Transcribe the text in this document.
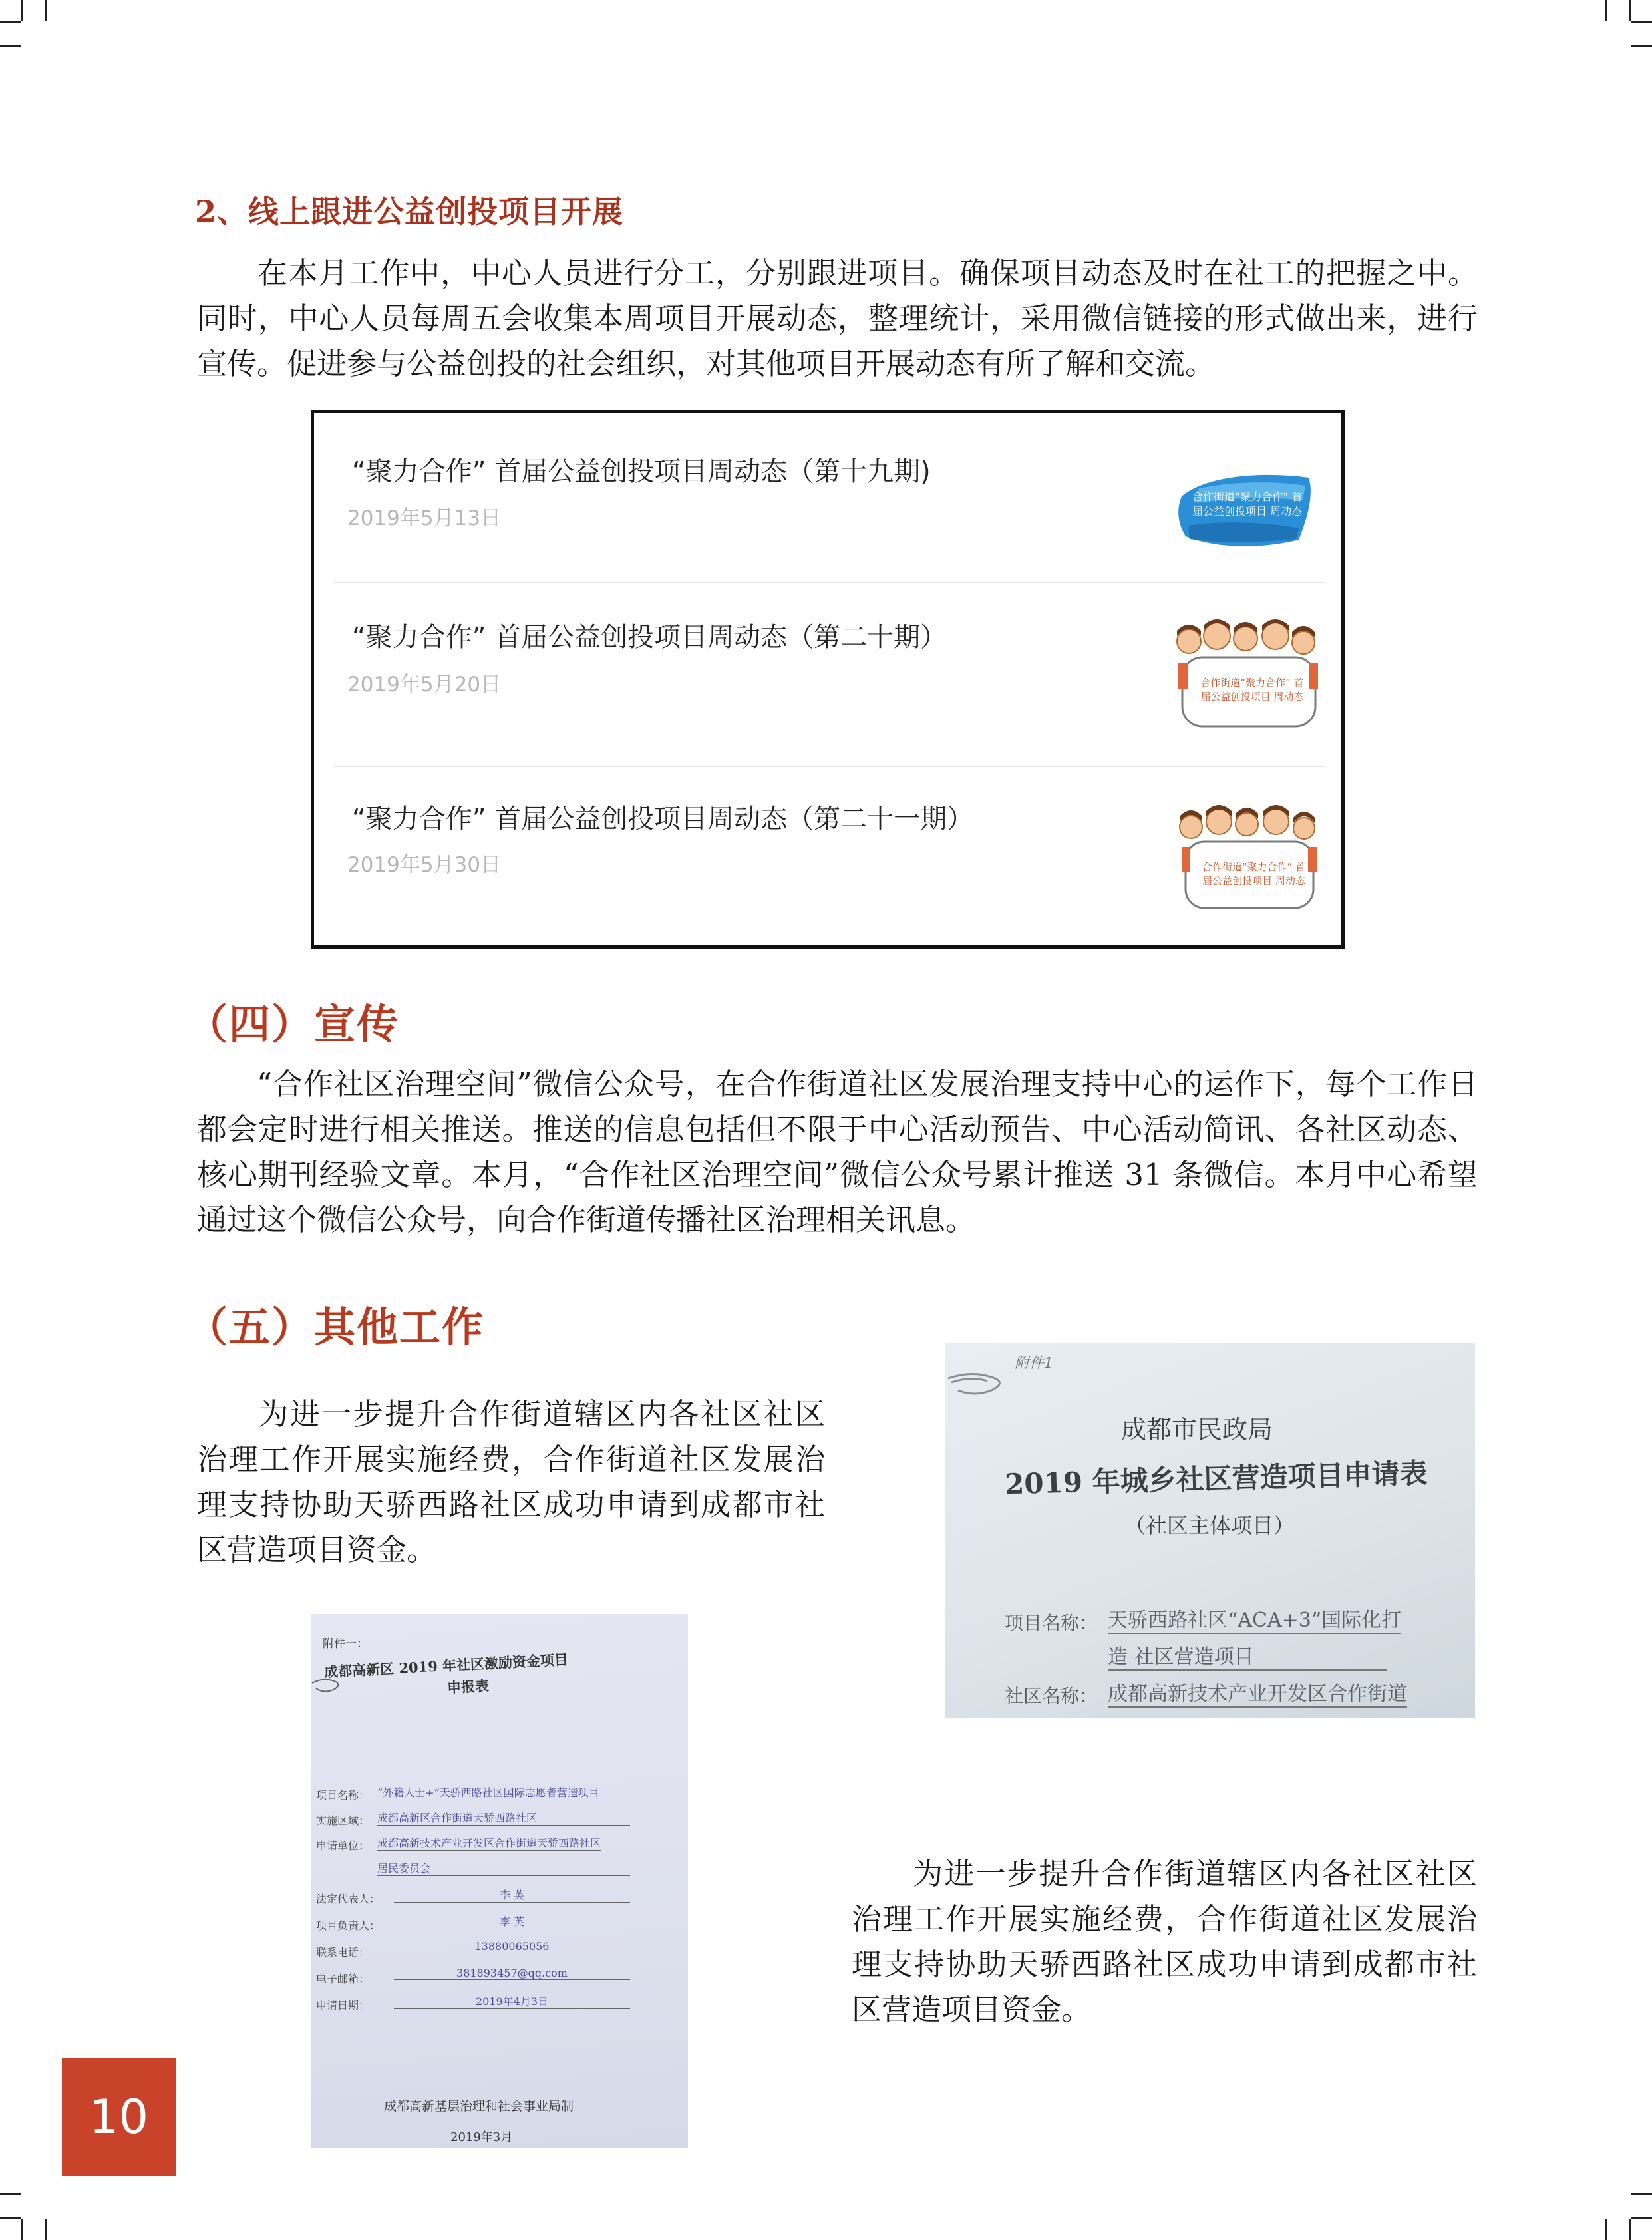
2、线上跟进公益创投项目开展
在本月工作中，中心人员进行分工，分别跟进项目。确保项目动态及时在社工的把握之中。同时，中心人员每周五会收集本周项目开展动态，整理统计，采用微信链接的形式做出来，进行宣传。促进参与公益创投的社会组织，对其他项目开展动态有所了解和交流。
“聚力合作” 首届公益创投项目周动态（第十九期)
2019年5月13日
合作街道“聚力合作” 首届公益创投项目 周动态
“聚力合作” 首届公益创投项目周动态（第二十期）
2019年5月20日	合作街道“聚力合作” 首届公益创投项目 周动态
“聚力合作” 首届公益创投项目周动态（第二十一期）
2019年5月30日	合作街道“聚力合作” 首届公益创投项目 周动态
（四）宣传
“合作社区治理空间”微信公众号，在合作街道社区发展治理支持中心的运作下，每个工作日都会定时进行相关推送。推送的信息包括但不限于中心活动预告、中心活动简讯、各社区动态、核心期刊经验文章。本月，“合作社区治理空间”微信公众号累计推送 31 条微信。本月中心希望通过这个微信公众号，向合作街道传播社区治理相关讯息。
（五）其他工作
为进一步提升合作街道辖区内各社区社区治理工作开展实施经费，合作街道社区发展治理支持协助天骄西路社区成功申请到成都市社区营造项目资金。
附件1
成都市民政局
2019 年城乡社区营造项目申请表
（社区主体项目）
项目名称： 天骄西路社区“ACA+3”国际化打
造 社区营造项目
社区名称： 成都高新技术产业开发区合作街道
附件一：
成都高新区 2019 年社区激励资金项目
申报表
项目名称： “外籍人士+”天骄西路社区国际志愿者营造项目
实施区域： 成都高新区合作街道天骄西路社区
申请单位： 成都高新技术产业开发区合作街道天骄西路社区
居民委员会
法定代表人：	李 英
项目负责人：	李 英
联系电话：	13880065056
电子邮箱：	381893457@qq.com
申请日期：	2019年4月3日
成都高新基层治理和社会事业局制
2019年3月
为进一步提升合作街道辖区内各社区社区治理工作开展实施经费，合作街道社区发展治理支持协助天骄西路社区成功申请到成都市社区营造项目资金。
10
